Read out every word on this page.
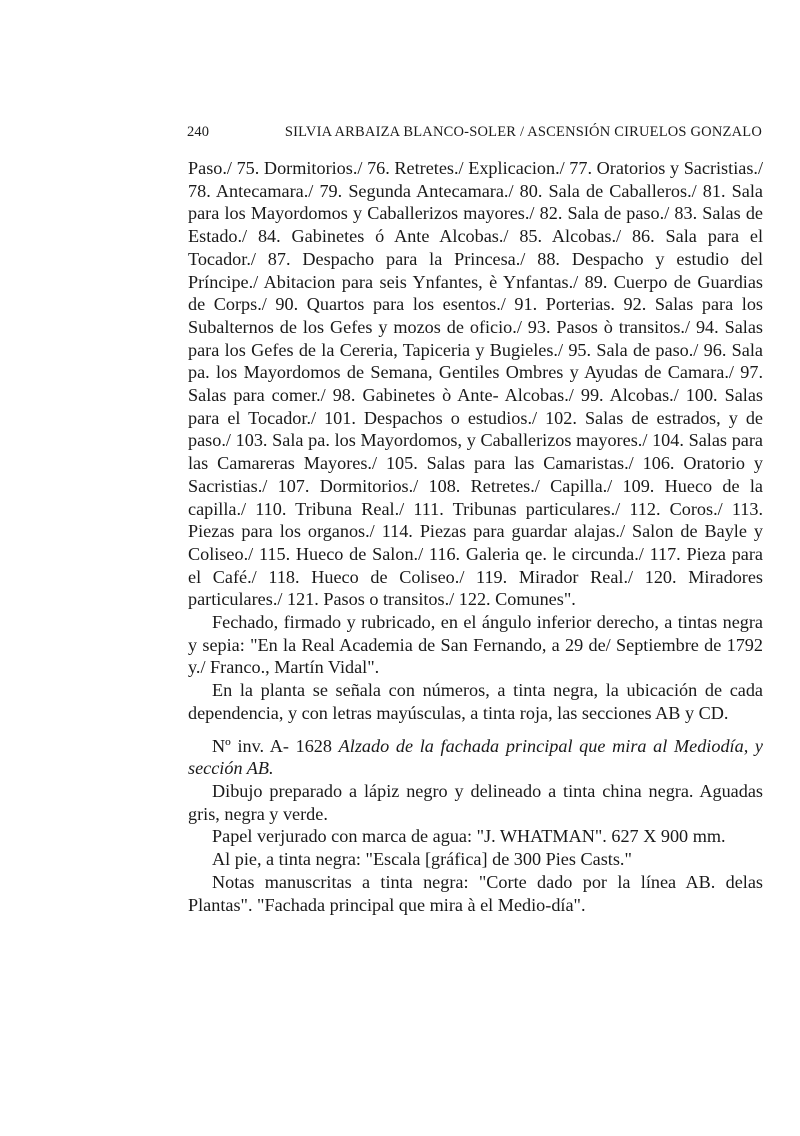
240	SILVIA ARBAIZA BLANCO-SOLER / ASCENSIÓN CIRUELOS GONZALO

Paso./ 75. Dormitorios./ 76. Retretes./ Explicacion./ 77. Oratorios y Sacristias./ 78. Antecamara./ 79. Segunda Antecamara./ 80. Sala de Caballeros./ 81. Sala para los Mayordomos y Caballerizos mayores./ 82. Sala de paso./ 83. Salas de Estado./ 84. Gabinetes ó Ante Alcobas./ 85. Alcobas./ 86. Sala para el Tocador./ 87. Despacho para la Princesa./ 88. Despacho y estudio del Príncipe./ Abitacion para seis Ynfantes, è Ynfantas./ 89. Cuerpo de Guardias de Corps./ 90. Quartos para los esentos./ 91. Porterias. 92. Salas para los Subalternos de los Gefes y mozos de oficio./ 93. Pasos ò transitos./ 94. Salas para los Gefes de la Cereria, Tapiceria y Bugieles./ 95. Sala de paso./ 96. Sala pa. los Mayordomos de Semana, Gentiles Ombres y Ayudas de Camara./ 97. Salas para comer./ 98. Gabinetes ò Ante- Alcobas./ 99. Alcobas./ 100. Salas para el Tocador./ 101. Despachos o estudios./ 102. Salas de estrados, y de paso./ 103. Sala pa. los Mayordomos, y Caballerizos mayores./ 104. Salas para las Camareras Mayores./ 105. Salas para las Camaristas./ 106. Oratorio y Sacristias./ 107. Dormitorios./ 108. Retretes./ Capilla./ 109. Hueco de la capilla./ 110. Tribuna Real./ 111. Tribunas particulares./ 112. Coros./ 113. Piezas para los organos./ 114. Piezas para guardar alajas./ Salon de Bayle y Coliseo./ 115. Hueco de Salon./ 116. Galeria qe. le circunda./ 117. Pieza para el Café./ 118. Hueco de Coliseo./ 119. Mirador Real./ 120. Miradores particulares./ 121. Pasos o transitos./ 122. Comunes".

Fechado, firmado y rubricado, en el ángulo inferior derecho, a tintas negra y sepia: "En la Real Academia de San Fernando, a 29 de/ Septiembre de 1792 y./ Franco., Martín Vidal".

En la planta se señala con números, a tinta negra, la ubicación de cada dependencia, y con letras mayúsculas, a tinta roja, las secciones AB y CD.

Nº inv. A- 1628 Alzado de la fachada principal que mira al Mediodía, y sección AB.

Dibujo preparado a lápiz negro y delineado a tinta china negra. Aguadas gris, negra y verde.

Papel verjurado con marca de agua: "J. WHATMAN". 627 X 900 mm.

Al pie, a tinta negra: "Escala [gráfica] de 300 Pies Casts."

Notas manuscritas a tinta negra: "Corte dado por la línea AB. delas Plantas". "Fachada principal que mira à el Medio-día".
